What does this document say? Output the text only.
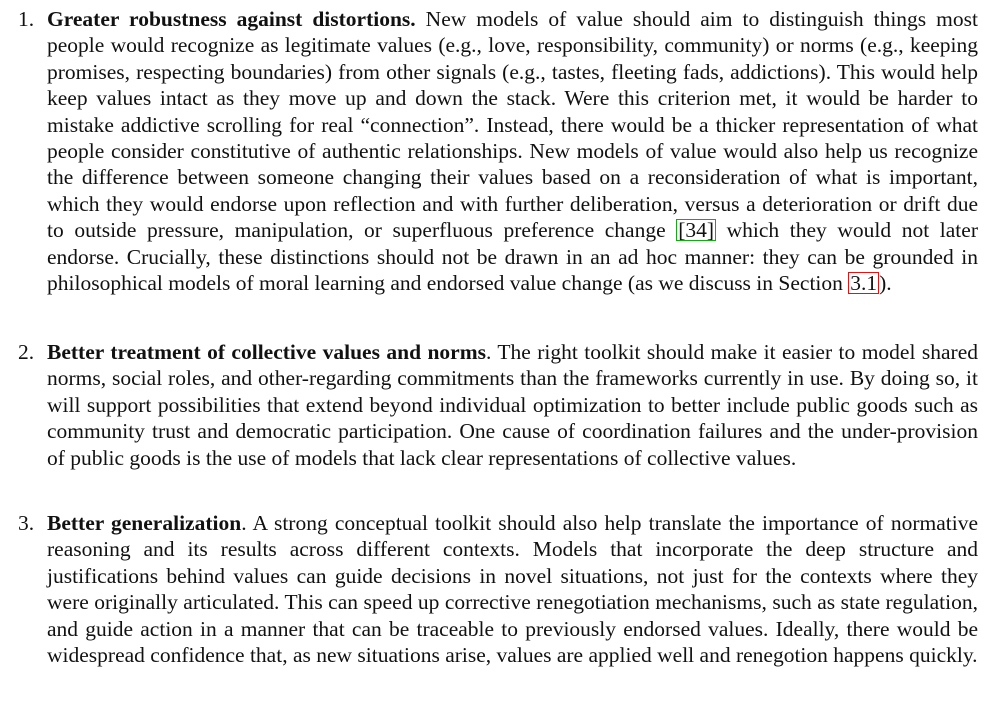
1. Greater robustness against distortions. New models of value should aim to distinguish things most people would recognize as legitimate values (e.g., love, responsibility, community) or norms (e.g., keeping promises, respecting boundaries) from other signals (e.g., tastes, fleeting fads, addictions). This would help keep values intact as they move up and down the stack. Were this criterion met, it would be harder to mistake addictive scrolling for real “connection”. Instead, there would be a thicker representation of what people consider constitutive of authentic relationships. New models of value would also help us recognize the difference between someone changing their values based on a reconsideration of what is important, which they would endorse upon reflection and with further deliberation, versus a deterioration or drift due to outside pressure, manipulation, or superfluous preference change [34] which they would not later endorse. Crucially, these distinctions should not be drawn in an ad hoc manner: they can be grounded in philosophical models of moral learning and endorsed value change (as we discuss in Section 3.1).
2. Better treatment of collective values and norms. The right toolkit should make it easier to model shared norms, social roles, and other-regarding commitments than the frameworks currently in use. By doing so, it will support possibilities that extend beyond individual optimization to better include public goods such as community trust and democratic participation. One cause of coordination failures and the under-provision of public goods is the use of models that lack clear representations of collective values.
3. Better generalization. A strong conceptual toolkit should also help translate the importance of normative reasoning and its results across different contexts. Models that incorporate the deep structure and justifications behind values can guide decisions in novel situations, not just for the contexts where they were originally articulated. This can speed up corrective renegotiation mechanisms, such as state regulation, and guide action in a manner that can be traceable to previously endorsed values. Ideally, there would be widespread confidence that, as new situations arise, values are applied well and renegotion happens quickly.
